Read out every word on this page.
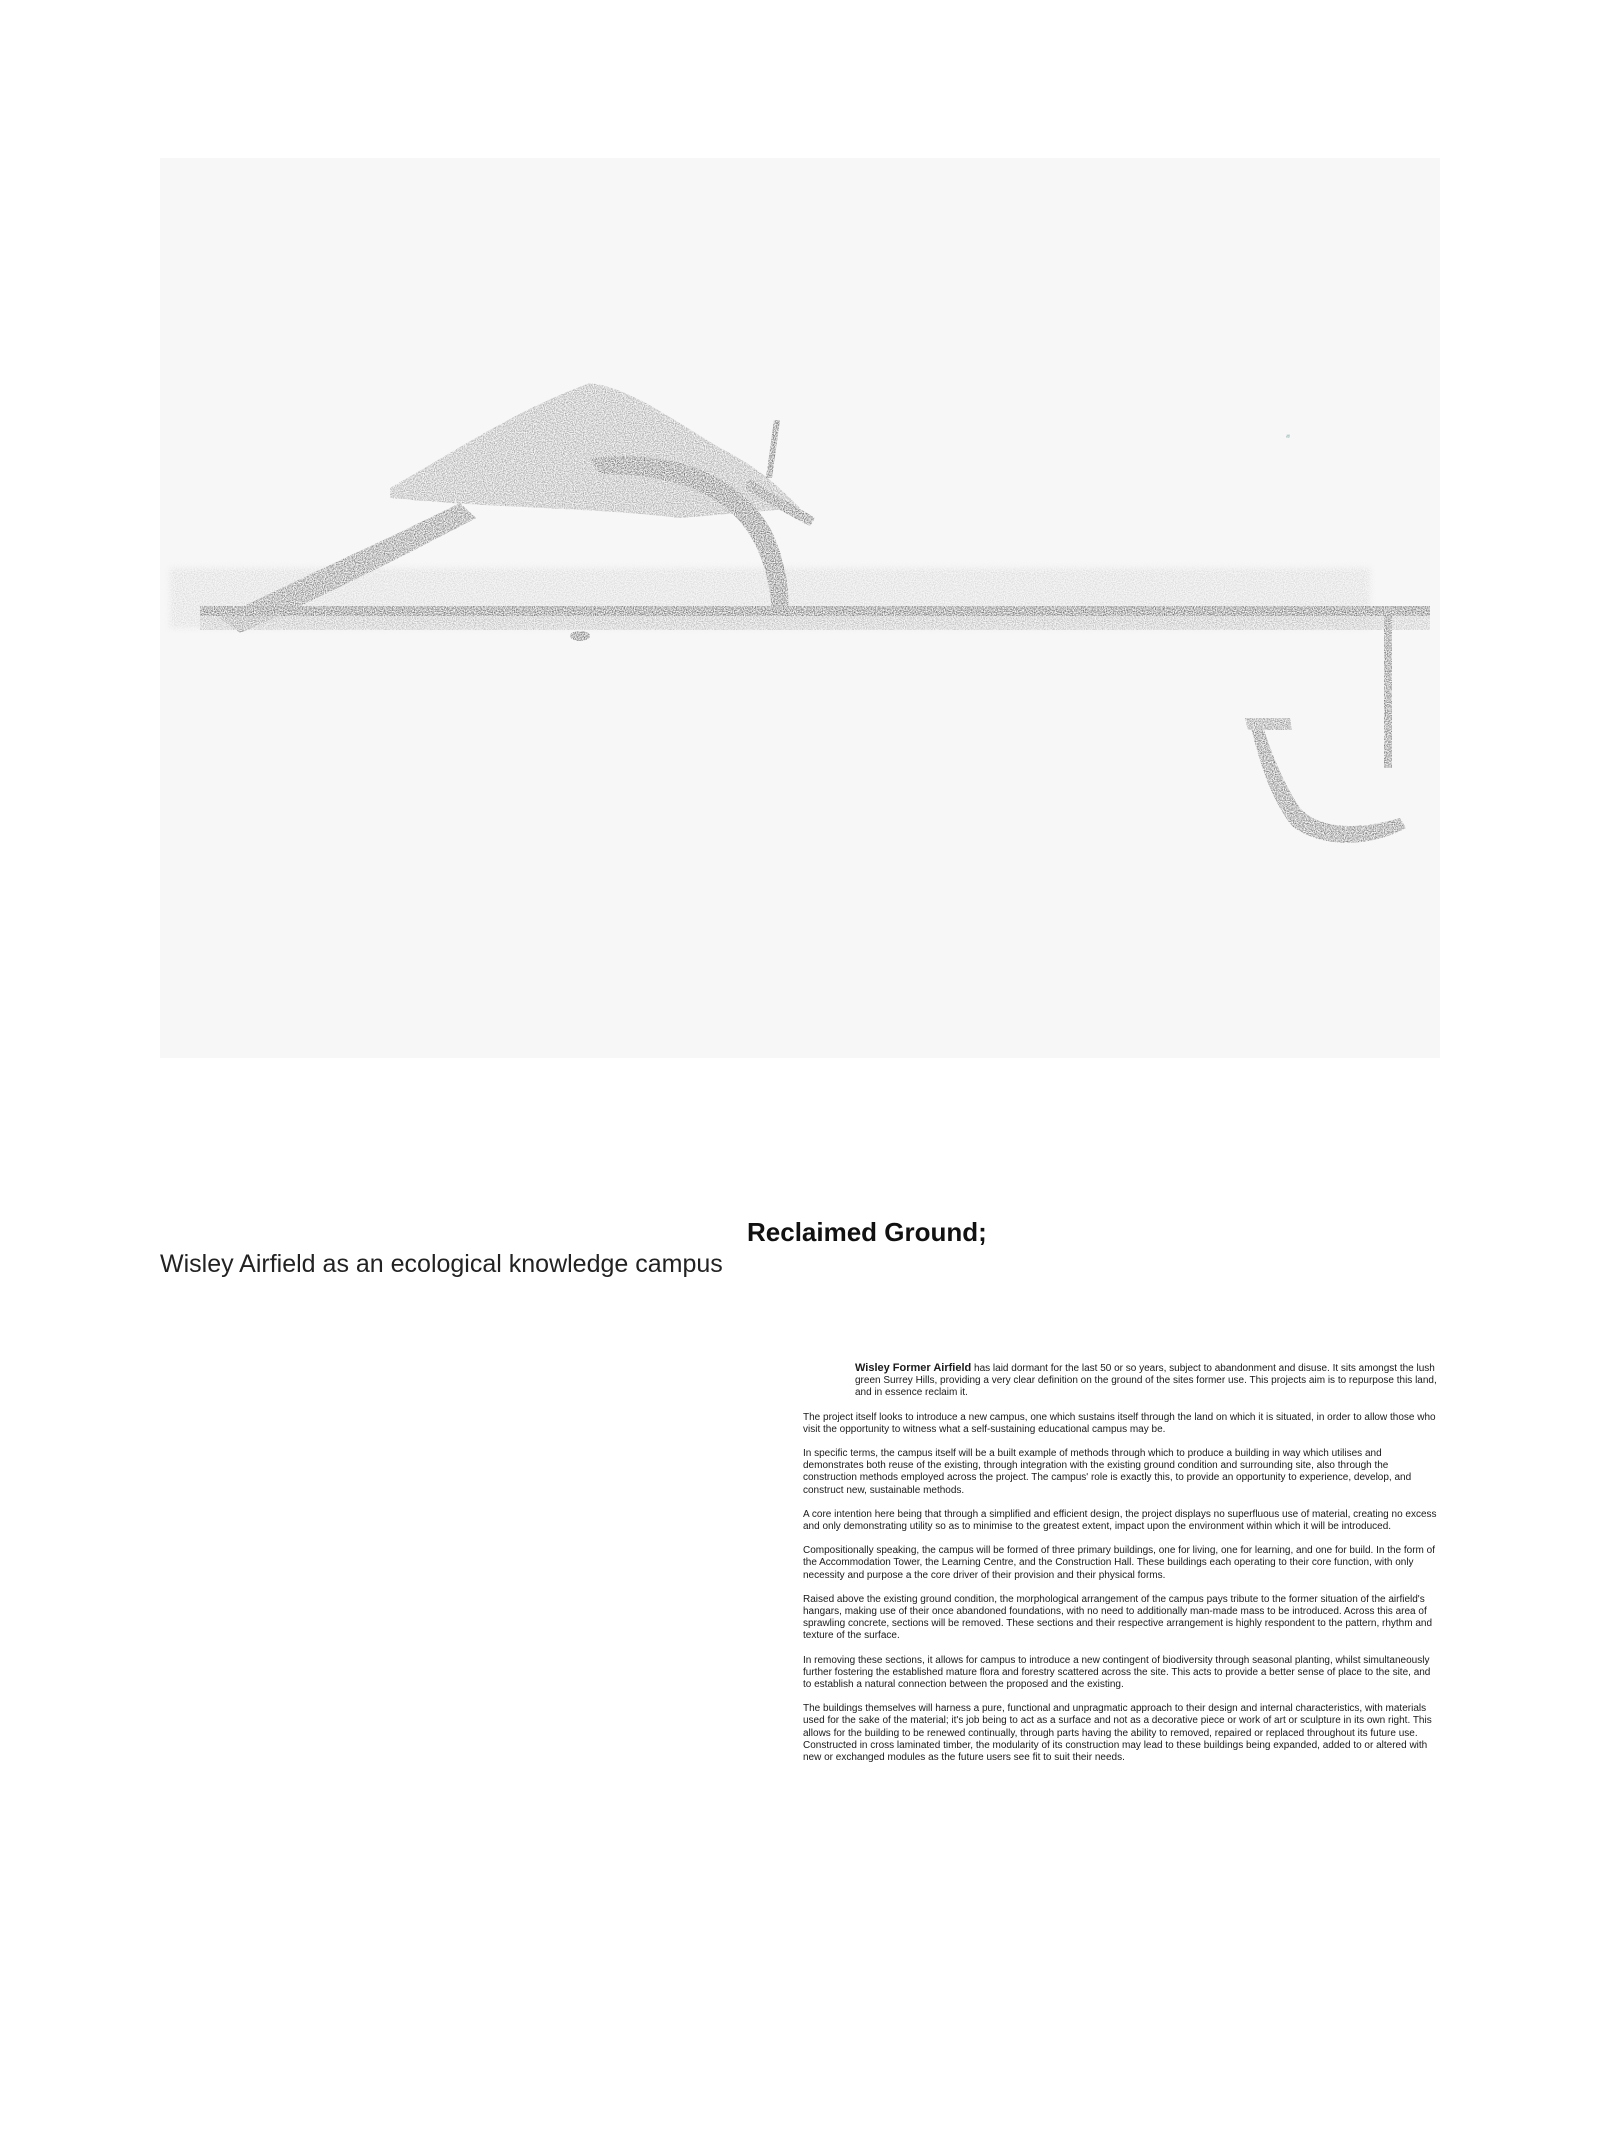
Reclaimed Ground;
Wisley Airfield as an ecological knowledge campus

Wisley Former Airfield has laid dormant for the last 50 or so years, subject to abandonment and disuse. It sits amongst the lush green Surrey Hills, providing a very clear definition on the ground of the sites former use. This projects aim is to repurpose this land, and in essence reclaim it.

The project itself looks to introduce a new campus, one which sustains itself through the land on which it is situated, in order to allow those who visit the opportunity to witness what a self-sustaining educational campus may be.

In specific terms, the campus itself will be a built example of methods through which to produce a building in way which utilises and demonstrates both reuse of the existing, through integration with the existing ground condition and surrounding site, also through the construction methods employed across the project. The campus' role is exactly this, to provide an opportunity to experience, develop, and construct new, sustainable methods.

A core intention here being that through a simplified and efficient design, the project displays no superfluous use of material, creating no excess and only demonstrating utility so as to minimise to the greatest extent, impact upon the environment within which it will be introduced.

Compositionally speaking, the campus will be formed of three primary buildings, one for living, one for learning, and one for build. In the form of the Accommodation Tower, the Learning Centre, and the Construction Hall. These buildings each operating to their core function, with only necessity and purpose a the core driver of their provision and their physical forms.

Raised above the existing ground condition, the morphological arrangement of the campus pays tribute to the former situation of the airfield's hangars, making use of their once abandoned foundations, with no need to additionally man-made mass to be introduced. Across this area of sprawling concrete, sections will be removed. These sections and their respective arrangement is highly respondent to the pattern, rhythm and texture of the surface.

In removing these sections, it allows for campus to introduce a new contingent of biodiversity through seasonal planting, whilst simultaneously further fostering the established mature flora and forestry scattered across the site. This acts to provide a better sense of place to the site, and to establish a natural connection between the proposed and the existing.

The buildings themselves will harness a pure, functional and unpragmatic approach to their design and internal characteristics, with materials used for the sake of the material; it's job being to act as a surface and not as a decorative piece or work of art or sculpture in its own right. This allows for the building to be renewed continually, through parts having the ability to removed, repaired or replaced throughout its future use. Constructed in cross laminated timber, the modularity of its construction may lead to these buildings being expanded, added to or altered with new or exchanged modules as the future users see fit to suit their needs.
